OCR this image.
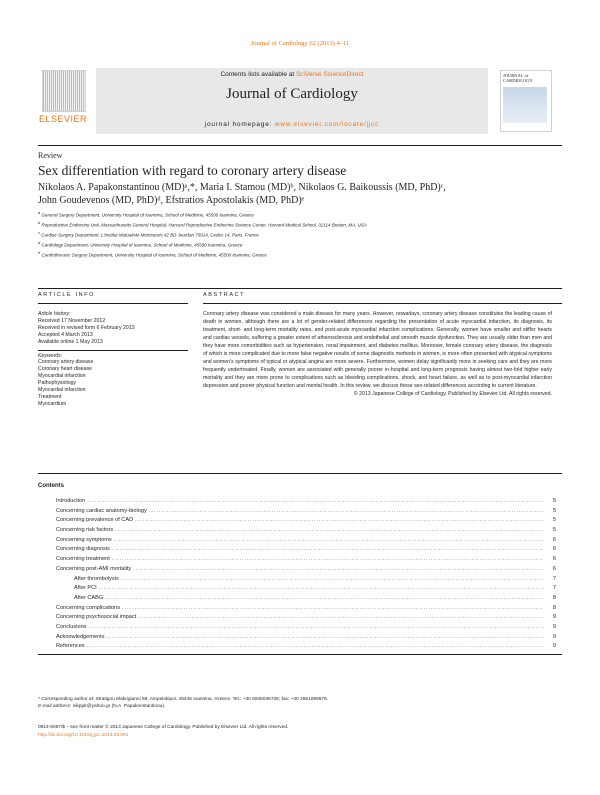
Journal of Cardiology 62 (2013) 4–11
ELSEVIER
Contents lists available at SciVerse ScienceDirect
Journal of Cardiology
journal homepage: www.elsevier.com/locate/jjcc
JOURNAL of CARDIOLOGY
Review
Sex differentiation with regard to coronary artery disease
Nikolaos A. Papakonstantinou (MD)ᵃ,*, Maria I. Stamou (MD)ᵇ, Nikolaos G. Baikoussis (MD, PhD)ᶜ,
John Goudevenos (MD, PhD)ᵈ, Efstratios Apostolakis (MD, PhD)ᵉ
$^a$ General Surgery Department, University Hospital of Ioannina, School of Medicine, 45500 Ioannina, Greece
$^b$ Reproductive Endocrine Unit, Massachusetts General Hospital, Harvard Reproductive Endocrine Science Center, Harvard Medical School, 02114 Boston, MA, USA
$^c$ Cardiac Surgery Department, L'Institut Mutualiste Montsouris 42 BD Jourdan 75014, Cedex 14, Paris, France
$^d$ Cardiology Department, University Hospital of Ioannina, School of Medicine, 45500 Ioannina, Greece
$^e$ Cardiothoracic Surgery Department, University Hospital of Ioannina, School of Medicine, 45500 Ioannina, Greece
ARTICLE INFO	ABSTRACT
Article history:
Received 17 November 2012
Received in revised form 6 February 2013
Accepted 4 March 2013
Available online 1 May 2013
Keywords:
Coronary artery disease
Coronary heart disease
Myocardial infarction
Pathophysiology
Myocardial infarction
Treatment
Myocardium
Coronary artery disease was considered a male disease for many years. However, nowadays, coronary artery disease constitutes the leading cause of death in women, although there are a lot of gender-related differences regarding the presentation of acute myocardial infarction, its diagnosis, its treatment, short- and long-term mortality rates, and post-acute myocardial infarction complications. Generally, women have smaller and stiffer hearts and cardiac vessels, suffering a greater extent of atherosclerosis and endothelial and smooth muscle dysfunction. They are usually older than men and they have more comorbidities such as hypertension, renal impairment, and diabetes mellitus. Moreover, female coronary artery disease, the diagnosis of which is more complicated due to more false negative results of some diagnostic methods in women, is more often presented with atypical symptoms and women's symptoms of typical or atypical angina are more severe. Furthermore, women delay significantly more in seeking care and they are more frequently undertreated. Finally, women are associated with generally poorer in-hospital and long-term prognosis having almost two-fold higher early mortality and they are more prone to complications such as bleeding complications, shock, and heart failure, as well as to post-myocardial infarction depression and poorer physical function and mental health. In this review, we discuss these sex-related differences according to current literature.
© 2013 Japanese College of Cardiology. Published by Elsevier Ltd. All rights reserved.
Contents
Introduction .....	5
Concerning cardiac anatomy-biology .....	5
Concerning prevalence of CAD .....	5
Concerning risk factors .....	5
Concerning symptoms .....	6
Concerning diagnosis .....	6
Concerning treatment .....	6
Concerning post-AMI mortality .....	6
After thrombolysis .....	7
After PCI .....	7
After CABG .....	8
Concerning complications .....	8
Concerning psychosocial impact .....	9
Conclusions .....	9
Acknowledgements .....	9
References .....	9
* Corresponding author at: Stratigou Makrigianni 58, Ampelokipoi, 45445 Ioannina, Greece. Tel.: +30 6945046726; fax: +30 2651099679.
E-mail address: nikpplr@yahoo.gr (N.A. Papakonstantinou).
0914-5087/$ – see front matter © 2013 Japanese College of Cardiology. Published by Elsevier Ltd. All rights reserved.
http://dx.doi.org/10.1016/j.jjcc.2013.03.001
